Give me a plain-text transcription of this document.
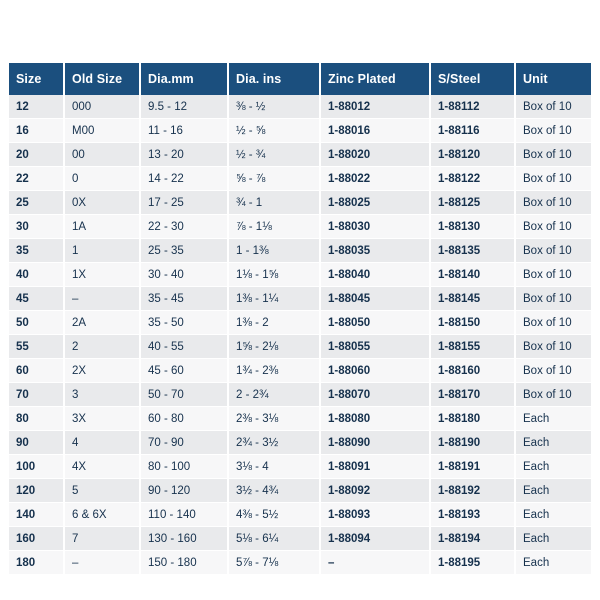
Size	Old Size	Dia.mm	Dia. ins	Zinc Plated	S/Steel	Unit
12	000	9.5 - 12	⅜ - ½	1-88012	1-88112	Box of 10
16	M00	11 - 16	½ - ⅝	1-88016	1-88116	Box of 10
20	00	13 - 20	½ - ¾	1-88020	1-88120	Box of 10
22	0	14 - 22	⅝ - ⅞	1-88022	1-88122	Box of 10
25	0X	17 - 25	¾ - 1	1-88025	1-88125	Box of 10
30	1A	22 - 30	⅞ - 1⅛	1-88030	1-88130	Box of 10
35	1	25 - 35	1 - 1⅜	1-88035	1-88135	Box of 10
40	1X	30 - 40	1⅛ - 1⅝	1-88040	1-88140	Box of 10
45	–	35 - 45	1⅜ - 1¼	1-88045	1-88145	Box of 10
50	2A	35 - 50	1⅜ - 2	1-88050	1-88150	Box of 10
55	2	40 - 55	1⅝ - 2⅛	1-88055	1-88155	Box of 10
60	2X	45 - 60	1¾ - 2⅜	1-88060	1-88160	Box of 10
70	3	50 - 70	2 - 2¾	1-88070	1-88170	Box of 10
80	3X	60 - 80	2⅜ - 3⅛	1-88080	1-88180	Each
90	4	70 - 90	2¾ - 3½	1-88090	1-88190	Each
100	4X	80 - 100	3⅛ - 4	1-88091	1-88191	Each
120	5	90 - 120	3½ - 4¾	1-88092	1-88192	Each
140	6 & 6X	110 - 140	4⅜ - 5½	1-88093	1-88193	Each
160	7	130 - 160	5⅛ - 6¼	1-88094	1-88194	Each
180	–	150 - 180	5⅞ - 7⅛	–	1-88195	Each
